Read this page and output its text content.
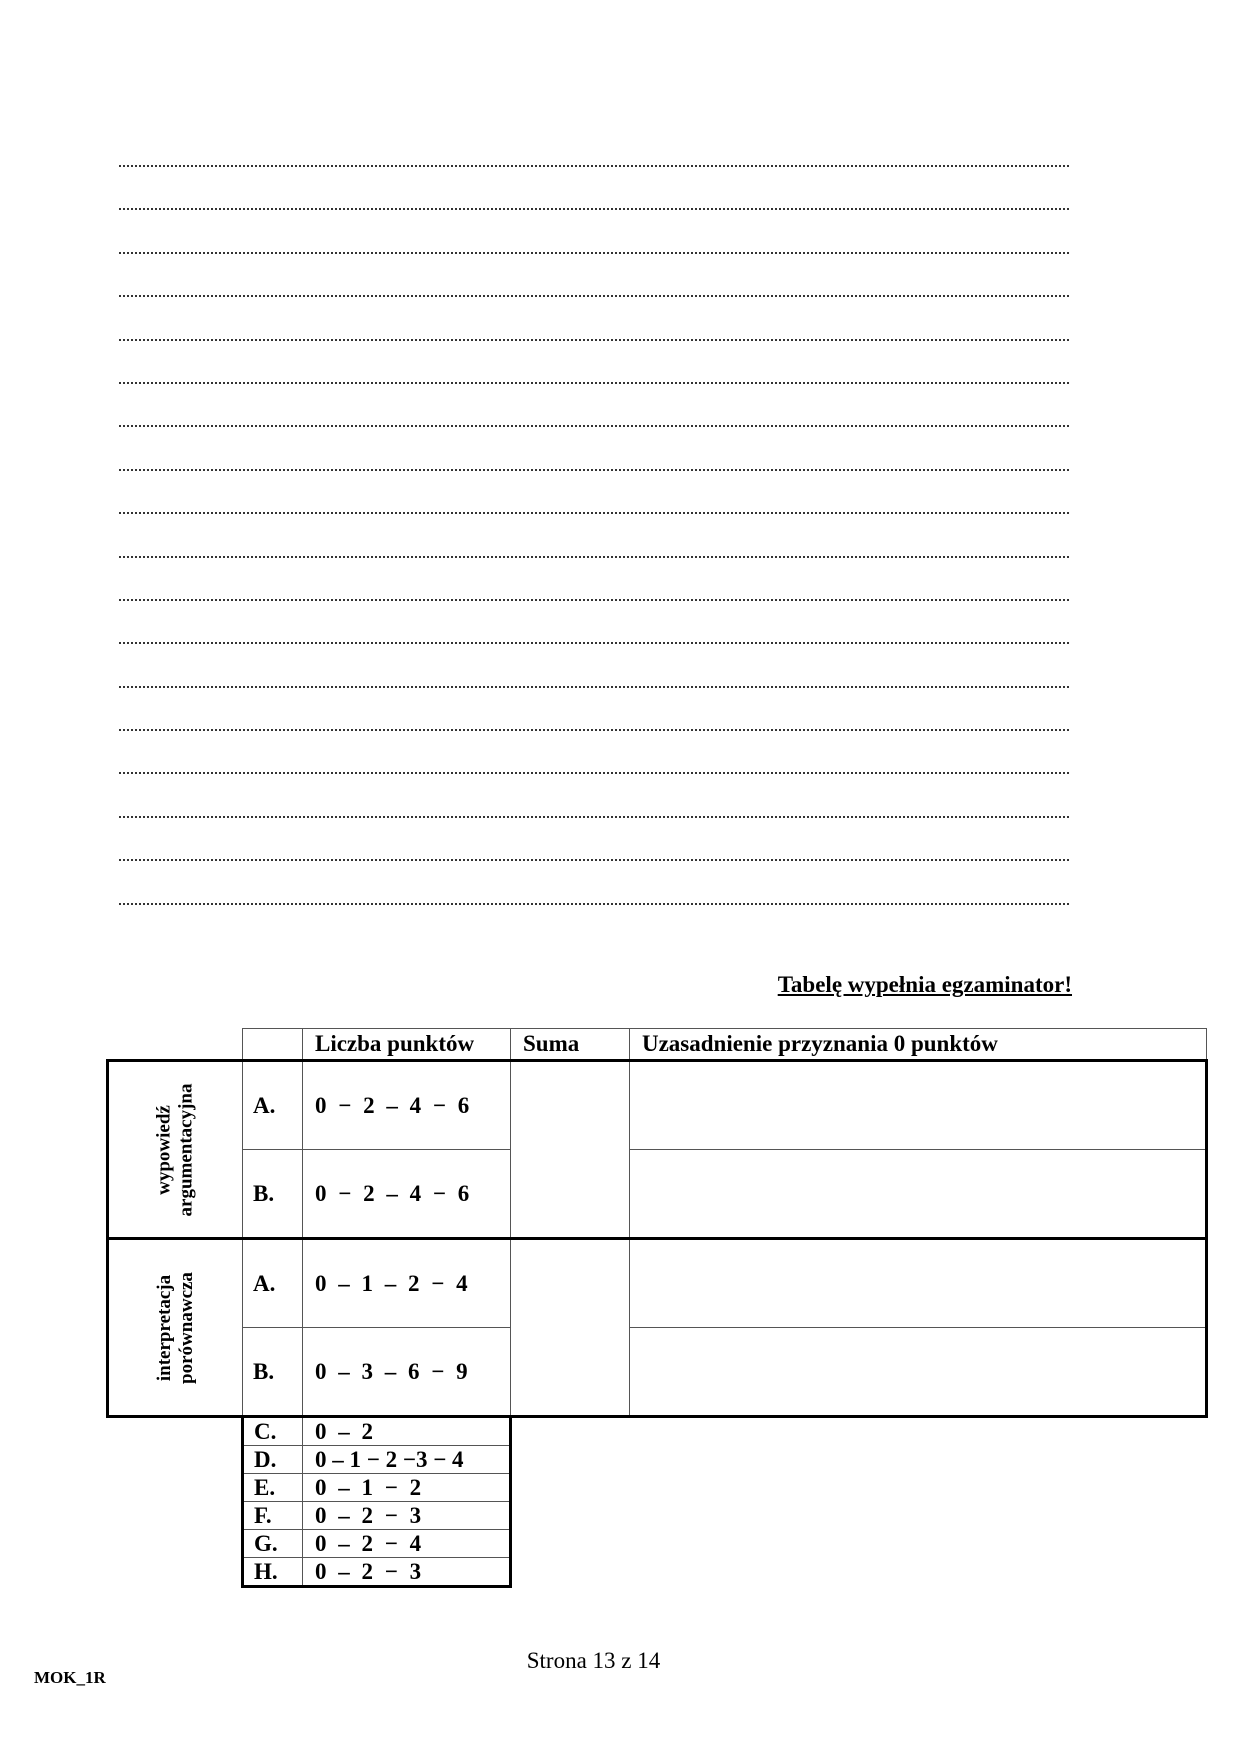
Tabelę wypełnia egzaminator!
		Liczba punktów	Suma	Uzasadnienie przyznania 0 punktów
wypowiedź
argumentacyjna	A.	0 − 2 – 4 − 6		
	B.	0 − 2 – 4 − 6		
interpretacja
porównawcza	A.	0 – 1 – 2 − 4		
	B.	0 – 3 – 6 − 9		
	C.	0 – 2		
	D.	0 – 1 − 2 −3 − 4		
	E.	0 – 1 − 2		
	F.	0 – 2 − 3		
	G.	0 – 2 − 4		
	H.	0 – 2 − 3		
MOK_1R
Strona 13 z 14
